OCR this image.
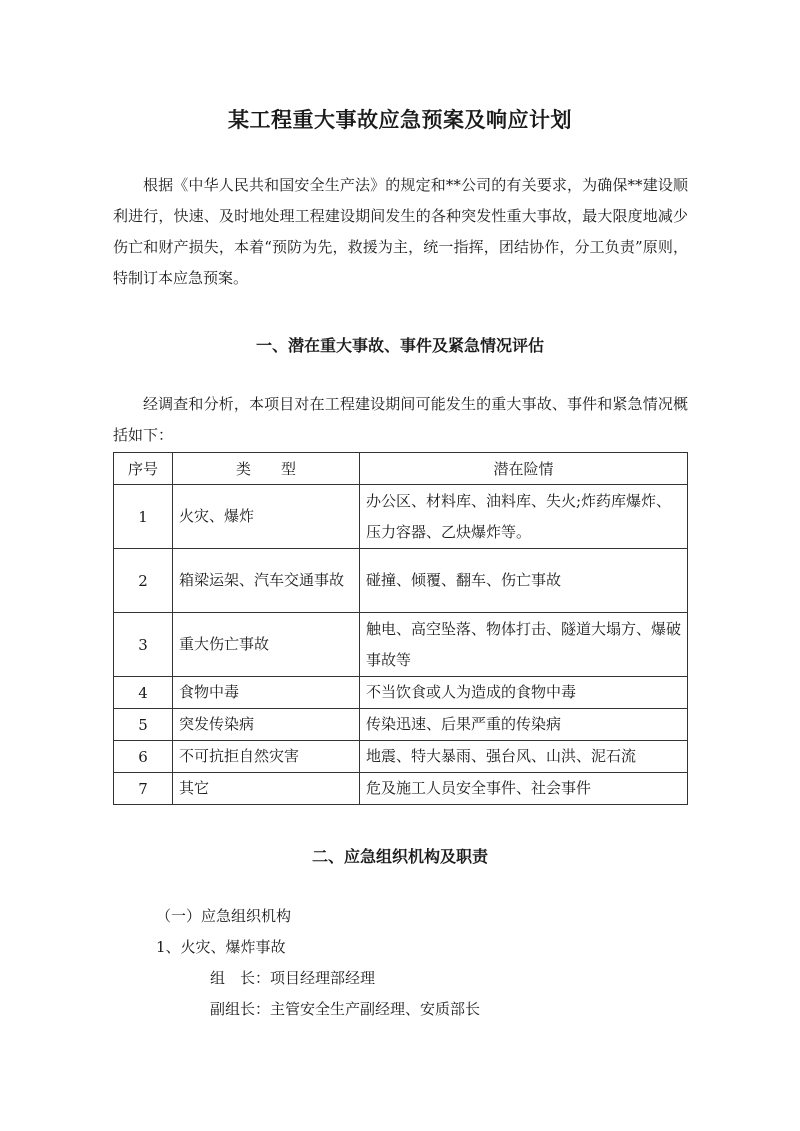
某工程重大事故应急预案及响应计划

根据《中华人民共和国安全生产法》的规定和**公司的有关要求，为确保**建设顺利进行，快速、及时地处理工程建设期间发生的各种突发性重大事故，最大限度地减少伤亡和财产损失，本着“预防为先，救援为主，统一指挥，团结协作，分工负责”原则，特制订本应急预案。

一、潜在重大事故、事件及紧急情况评估

经调查和分析，本项目对在工程建设期间可能发生的重大事故、事件和紧急情况概括如下：

序号	类　　型	潜在险情
1	火灾、爆炸	办公区、材料库、油料库、失火;炸药库爆炸、压力容器、乙炔爆炸等。
2	箱梁运架、汽车交通事故	碰撞、倾覆、翻车、伤亡事故
3	重大伤亡事故	触电、高空坠落、物体打击、隧道大塌方、爆破事故等
4	食物中毒	不当饮食或人为造成的食物中毒
5	突发传染病	传染迅速、后果严重的传染病
6	不可抗拒自然灾害	地震、特大暴雨、强台风、山洪、泥石流
7	其它	危及施工人员安全事件、社会事件
二、应急组织机构及职责
（一）应急组织机构
1、火灾、爆炸事故
组　长：项目经理部经理
副组长：主管安全生产副经理、安质部长
